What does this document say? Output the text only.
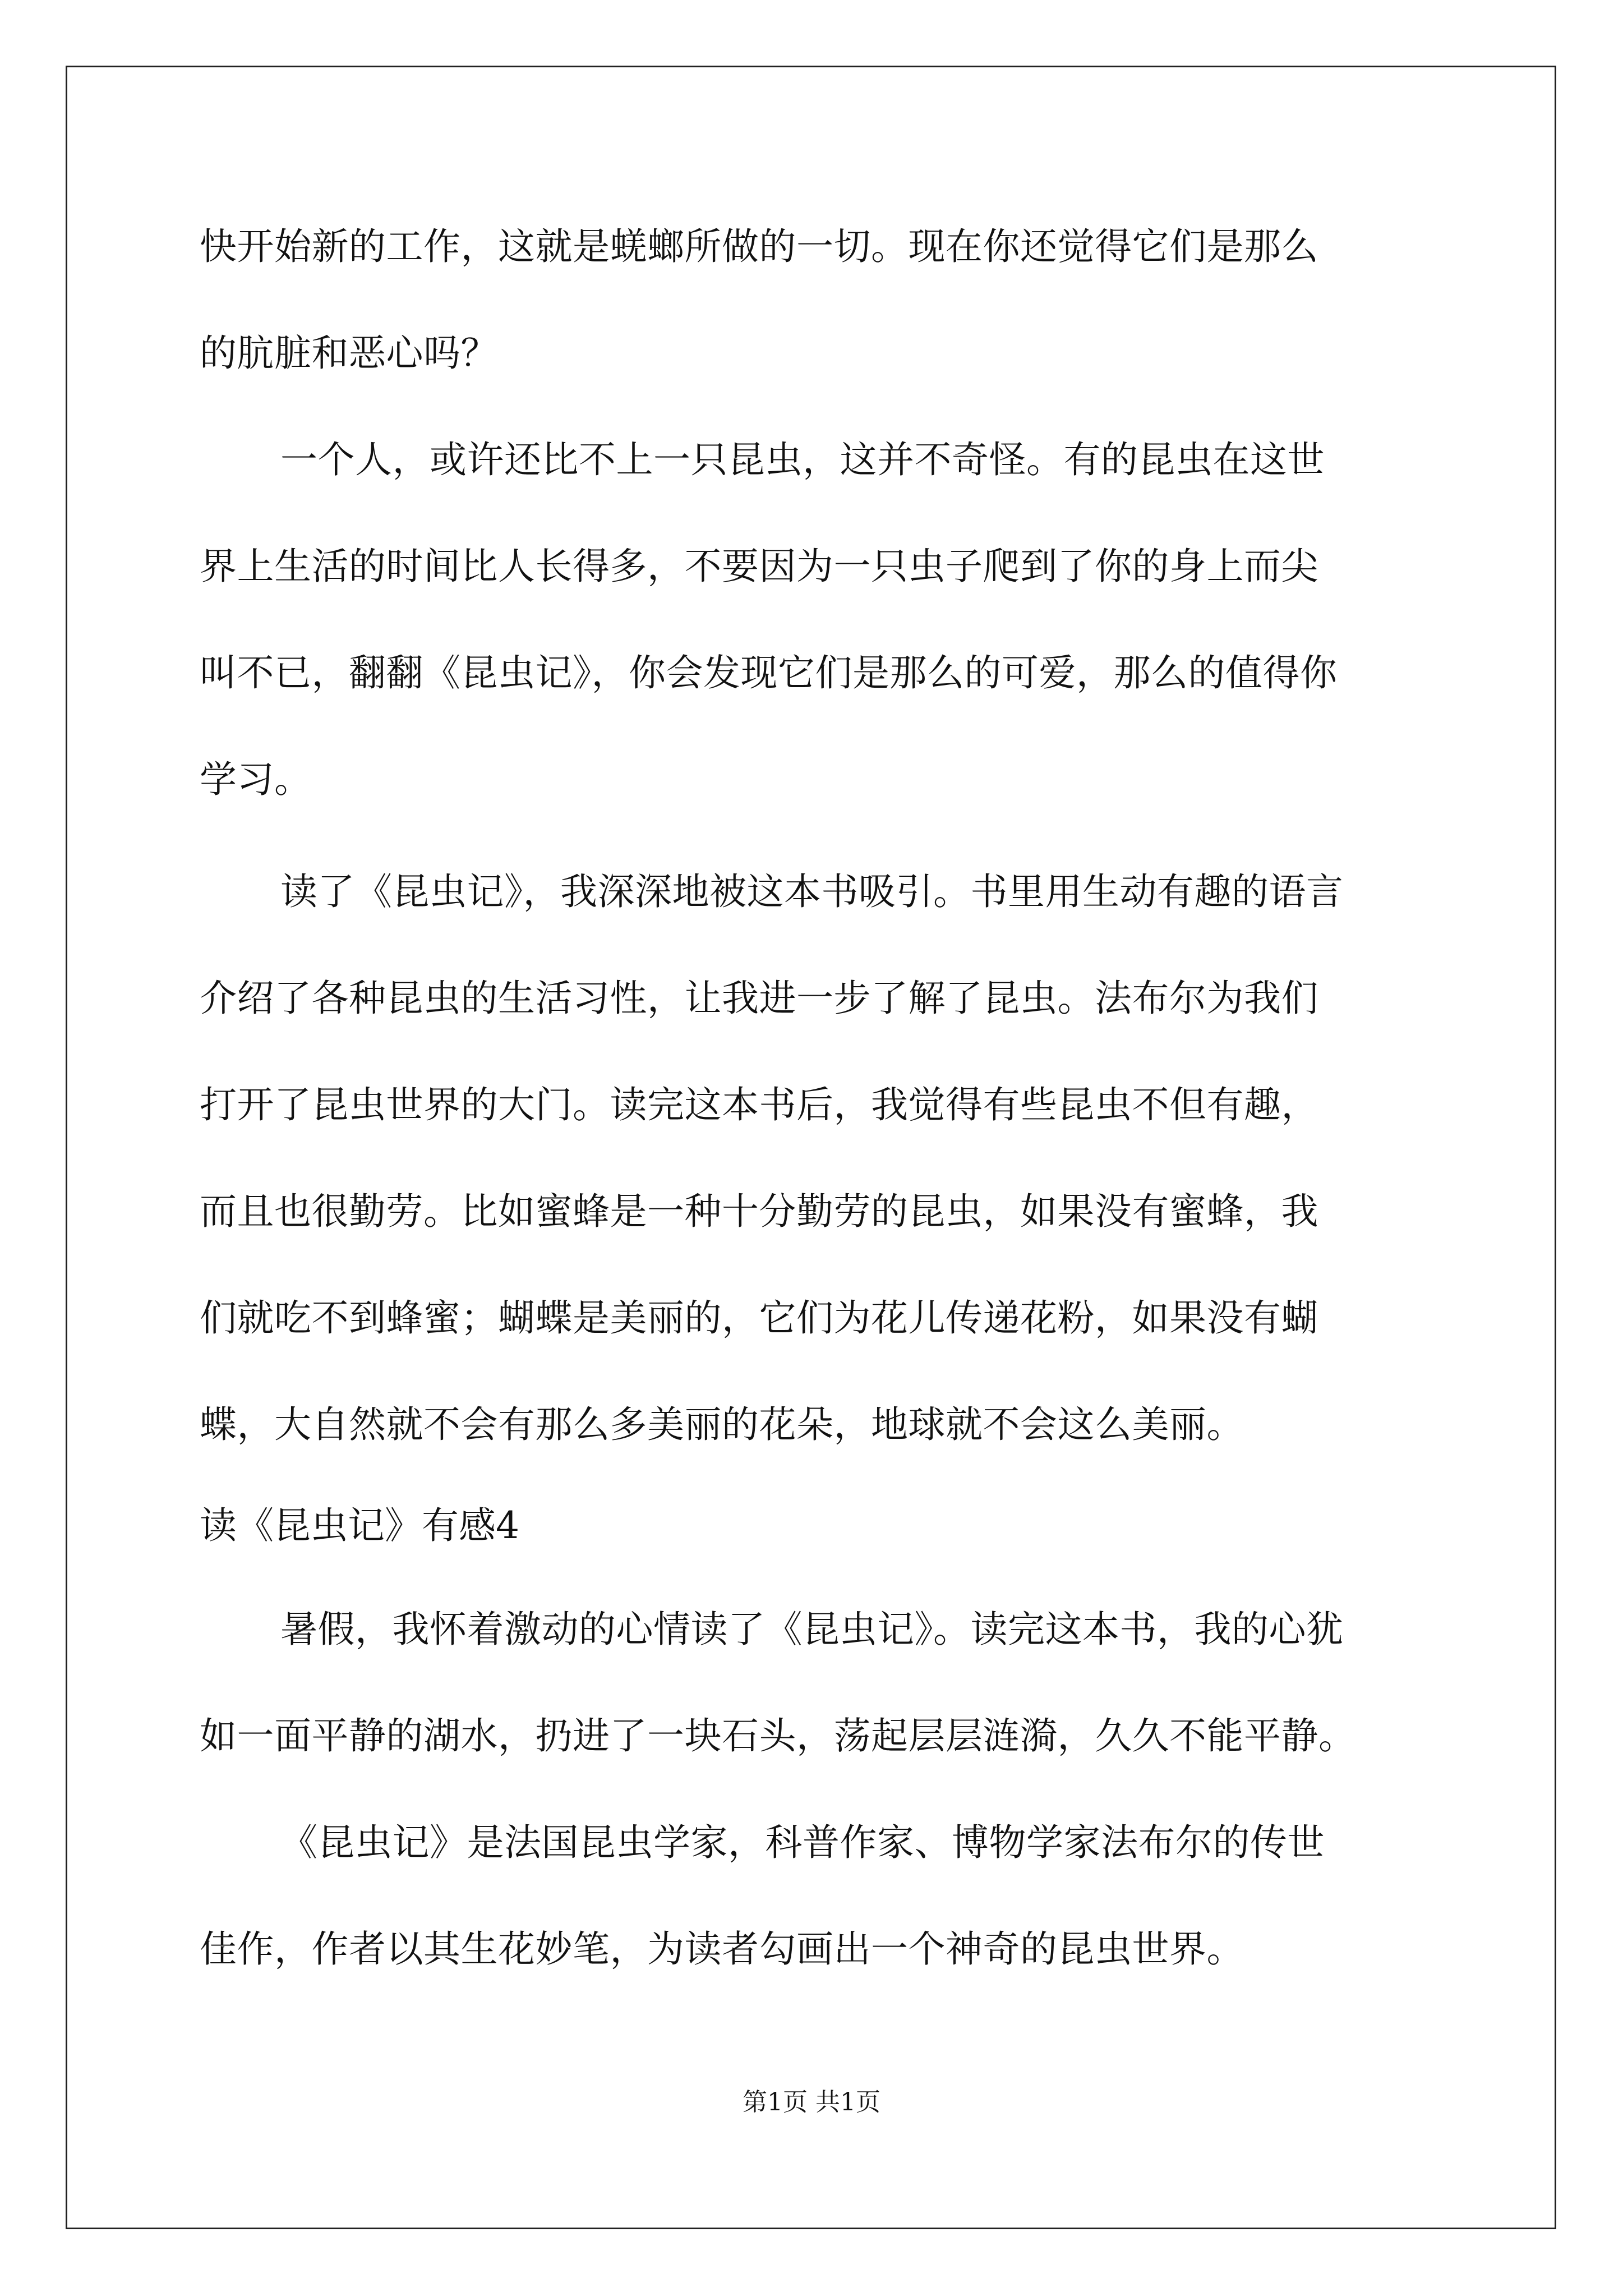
快开始新的工作，这就是蜣螂所做的一切。现在你还觉得它们是那么
的肮脏和恶心吗？
一个人，或许还比不上一只昆虫，这并不奇怪。有的昆虫在这世
界上生活的时间比人长得多，不要因为一只虫子爬到了你的身上而尖
叫不已，翻翻《昆虫记》，你会发现它们是那么的可爱，那么的值得你
学习。
读了《昆虫记》，我深深地被这本书吸引。书里用生动有趣的语言
介绍了各种昆虫的生活习性，让我进一步了解了昆虫。法布尔为我们
打开了昆虫世界的大门。读完这本书后，我觉得有些昆虫不但有趣，
而且也很勤劳。比如蜜蜂是一种十分勤劳的昆虫，如果没有蜜蜂，我
们就吃不到蜂蜜；蝴蝶是美丽的，它们为花儿传递花粉，如果没有蝴
蝶，大自然就不会有那么多美丽的花朵，地球就不会这么美丽。
读《昆虫记》有感4
暑假，我怀着激动的心情读了《昆虫记》。读完这本书，我的心犹
如一面平静的湖水，扔进了一块石头，荡起层层涟漪，久久不能平静。
《昆虫记》是法国昆虫学家，科普作家、博物学家法布尔的传世
佳作，作者以其生花妙笔，为读者勾画出一个神奇的昆虫世界。
第1页 共1页
